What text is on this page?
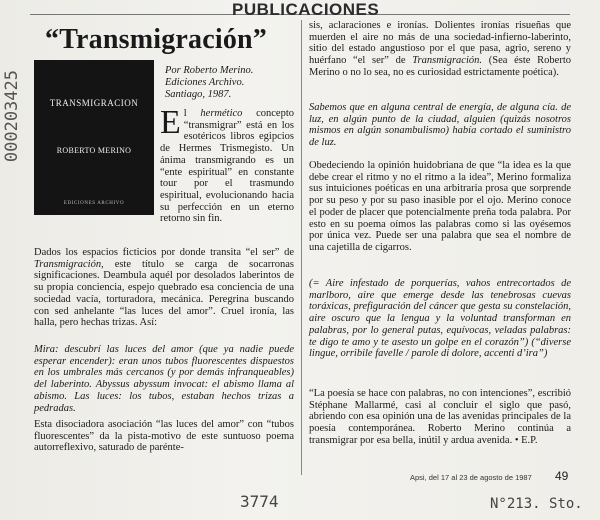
PUBLICACIONES
“Transmigración”
000203425	TRANSMIGRACION
ROBERTO MERINO
EDICIONES ARCHIVO
Por Roberto Merino.
Ediciones Archivo.
Santiago, 1987.

El hermético concepto “transmigrar” está en los esotéricos libros egipcios de Hermes Trismegisto. Un ánima transmigrando es un “ente espiritual” en constante tour por el trasmundo espiritual, evolucionando hacia su perfección en un eterno retorno sin fin.

Dados los espacios ficticios por donde transita “el ser” de Transmigración, este título se carga de socarronas significaciones. Deambula aquél por desolados laberintos de su propia conciencia, espejo quebrado esa conciencia de una sociedad vacía, torturadora, mecánica. Peregrina buscando con sed anhelante “las luces del amor”. Cruel ironía, las halla, pero hechas trizas. Así:

Mira: descubrí las luces del amor (que ya nadie puede esperar encender): eran unos tubos fluorescentes dispuestos en los umbrales más cercanos (y por demás infranqueables) del laberinto. Abyssus abyssum invocat: el abismo llama al abismo. Las luces: los tubos, estaban hechos trizas a pedradas.

Esta disociadora asociación “las luces del amor” con “tubos fluorescentes” da la pista-motivo de este suntuoso poema autorreflexivo, saturado de parénte-

sis, aclaraciones e ironías. Dolientes ironías risueñas que muerden el aire no más de una sociedad-infierno-laberinto, sitio del estado angustioso por el que pasa, agrio, sereno y huérfano “el ser” de Transmigración. (Sea éste Roberto Merino o no lo sea, no es curiosidad estrictamente poética).

Sabemos que en alguna central de energía, de alguna cía. de luz, en algún punto de la ciudad, alguien (quizás nosotros mismos en algún sonambulismo) había cortado el suministro de luz.

Obedeciendo la opinión huidobriana de que “la idea es la que debe crear el ritmo y no el ritmo a la idea”, Merino formaliza sus intuiciones poéticas en una arbitraria prosa que sorprende por su peso y por su paso inasible por el ojo. Merino conoce el poder de placer que potencialmente preña toda palabra. Por esto en su poema oímos las palabras como si las oyésemos por única vez. Puede ser una palabra que sea el nombre de una cajetilla de cigarros.

(= Aire infestado de porquerías, vahos entrecortados de marlboro, aire que emerge desde las tenebrosas cuevas toráxicas, prefiguración del cáncer que gesta su constelación, aire oscuro que la lengua y la voluntad transforman en palabras, por lo general putas, equívocas, veladas palabras: te digo te amo y te asesto un golpe en el corazón”) (“diverse lingue, orribile favelle / parole di dolore, accenti d’ira”)

“La poesía se hace con palabras, no con intenciones”, escribió Stéphane Mallarmé, casi al concluir el siglo que pasó, abriendo con esa opinión una de las avenidas principales de la poesía contemporánea. Roberto Merino continúa a transmigrar por esa bella, inútil y ardua avenida. • E.P.

Apsi, del 17 al 23 de agosto de 1987 49
3774	N°213. Sto.
